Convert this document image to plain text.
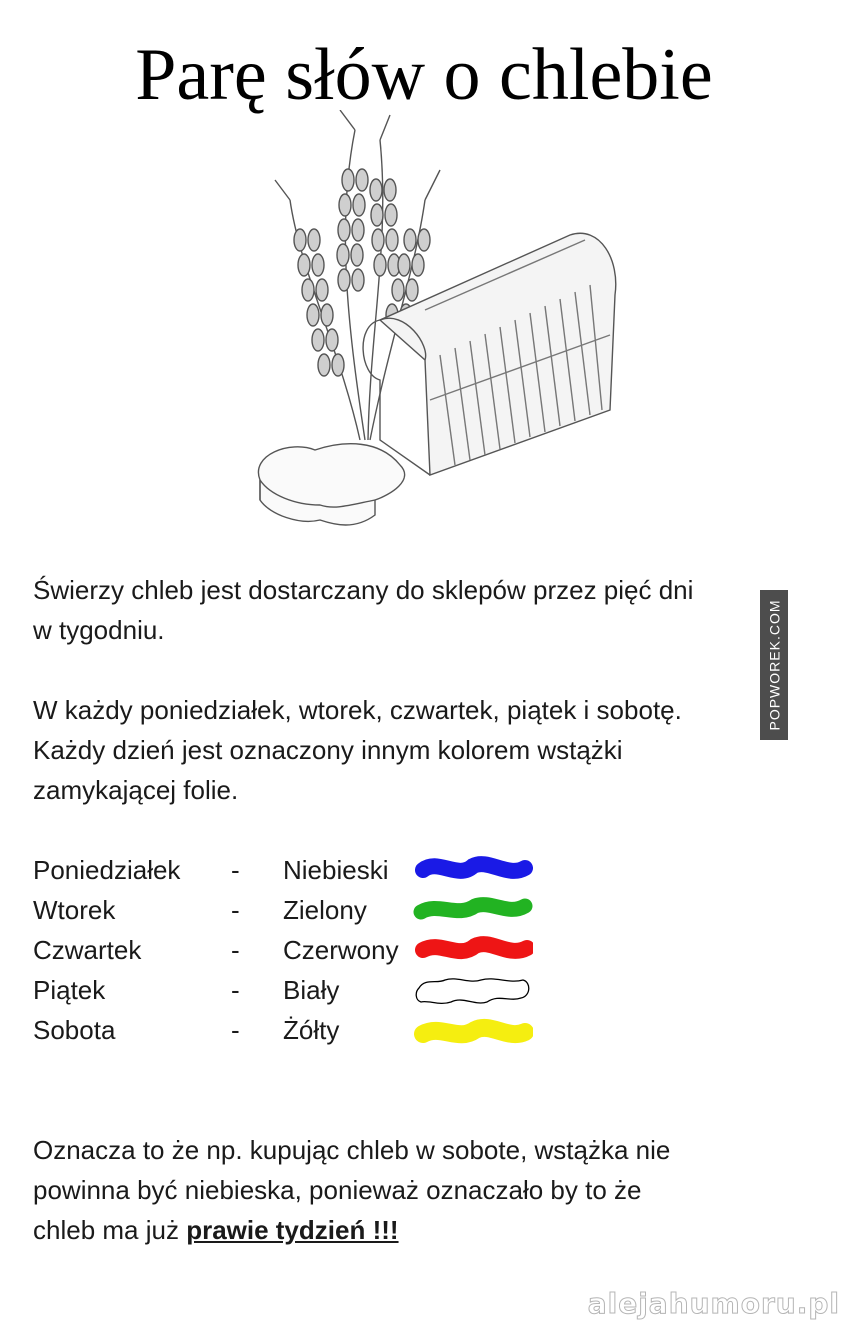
Parę słów o chlebie
Świerzy chleb jest dostarczany do sklepów przez pięć dni
w tygodniu.
W każdy poniedziałek, wtorek, czwartek, piątek i sobotę.
Każdy dzień jest oznaczony innym kolorem wstążki
zamykającej folie.
Poniedziałek - Niebieski
Wtorek	- Zielony
Czwartek	- Czerwony
Piątek	- Biały
Sobota	- Żółty
Oznacza to że np. kupując chleb w sobote, wstążka nie
powinna być niebieska, ponieważ oznaczało by to że
chleb ma już prawie tydzień !!!
POPWOREK.COM
alejahumoru.pl
